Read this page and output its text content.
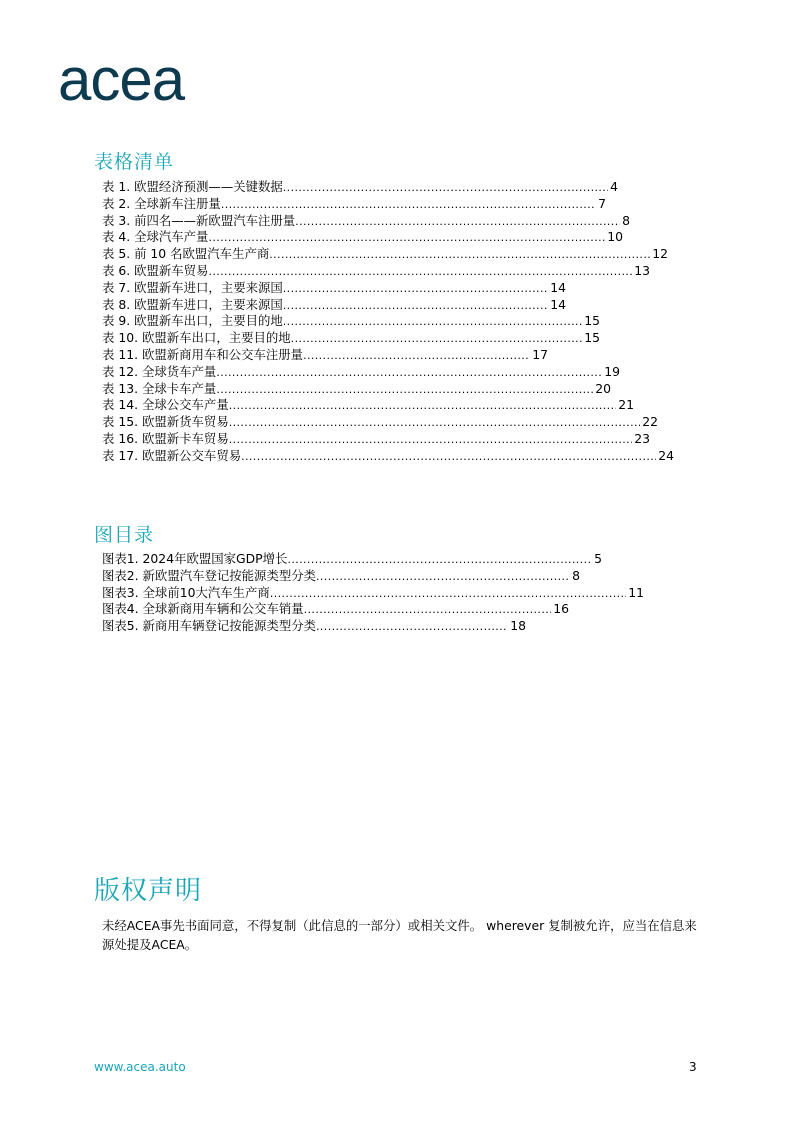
acea
表格清单
表 1. 欧盟经济预测——关键数据 .....	4
表 2. 全球新车注册量 .....	7
表 3. 前四名——新欧盟汽车注册量 .....	8
表 4. 全球汽车产量 .....	10
表 5. 前 10 名欧盟汽车生产商 .....	12
表 6. 欧盟新车贸易 .....	13
表 7. 欧盟新车进口，主要来源国 .....	14
表 8. 欧盟新车进口，主要来源国 .....	14
表 9. 欧盟新车出口，主要目的地 .....	15
表 10. 欧盟新车出口，主要目的地 .....	15
表 11. 欧盟新商用车和公交车注册量 .....	17
表 12. 全球货车产量 .....	19
表 13. 全球卡车产量 .....	20
表 14. 全球公交车产量 .....	21
表 15. 欧盟新货车贸易 .....	22
表 16. 欧盟新卡车贸易 .....	23
表 17. 欧盟新公交车贸易 .....	24
图目录
图表1. 2024年欧盟国家GDP增长 .....	5
图表2. 新欧盟汽车登记按能源类型分类 .....	8
图表3. 全球前10大汽车生产商 .....	11
图表4. 全球新商用车辆和公交车销量 .....	16
图表5. 新商用车辆登记按能源类型分类 .....	18
版权声明

未经ACEA事先书面同意，不得复制（此信息的一部分）或相关文件。 wherever 复制被允许，应当在信息来源处提及ACEA。

www.acea.auto	3
